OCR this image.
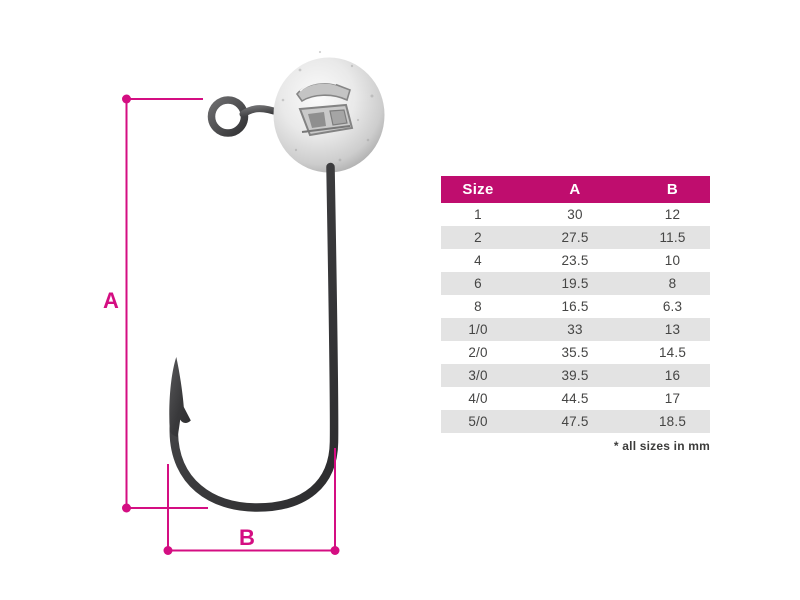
A
B
Size	A	B
1	30	12
2	27.5	11.5
4	23.5	10
6	19.5	8
8	16.5	6.3
1/0	33	13
2/0	35.5	14.5
3/0	39.5	16
4/0	44.5	17
5/0	47.5	18.5
* all sizes in mm
